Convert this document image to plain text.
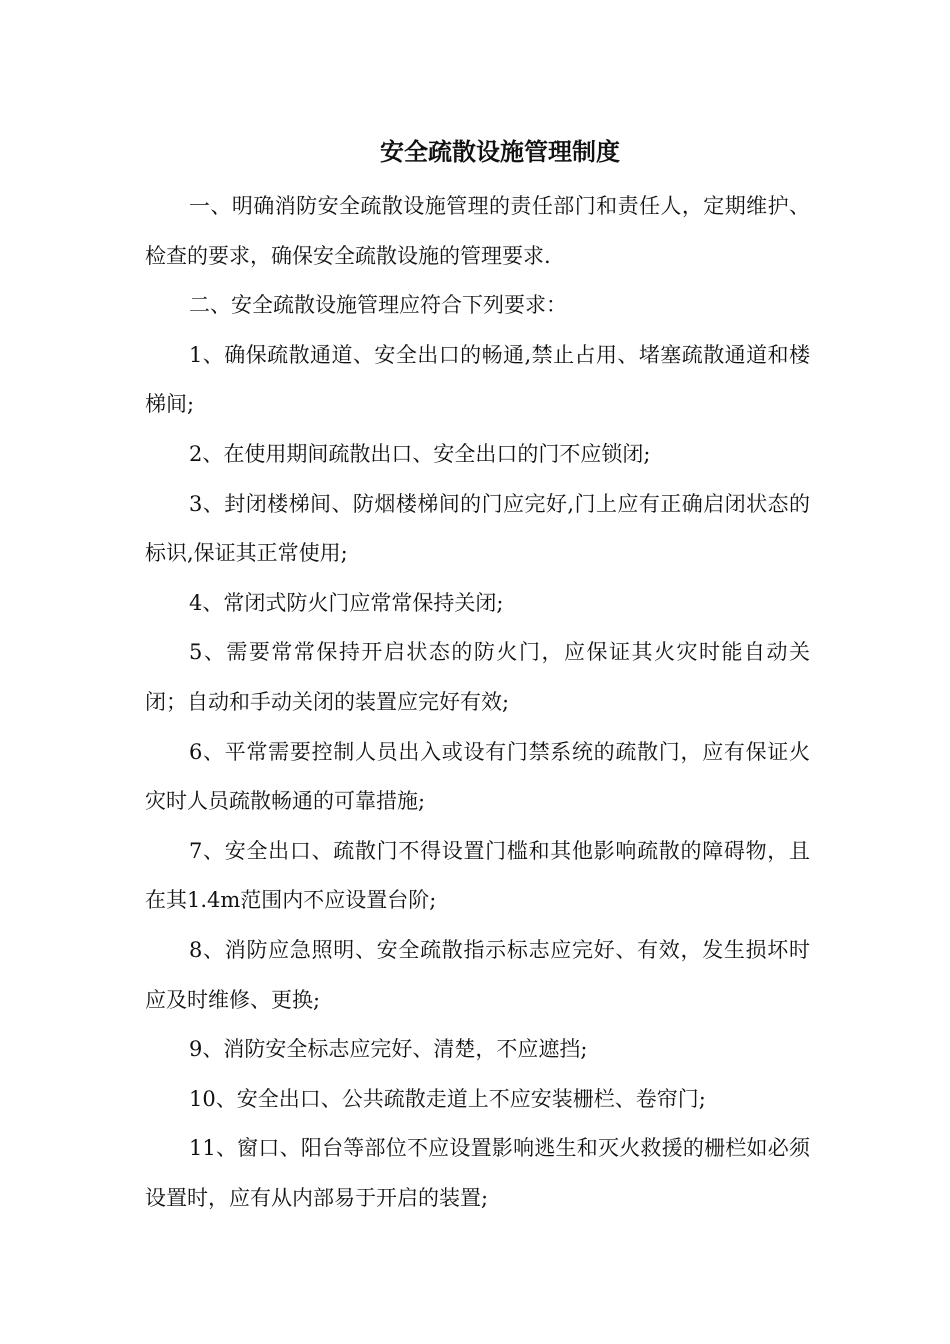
安全疏散设施管理制度

一、明确消防安全疏散设施管理的责任部门和责任人，定期维护、检查的要求，确保安全疏散设施的管理要求.

二、安全疏散设施管理应符合下列要求：

1、确保疏散通道、安全出口的畅通,禁止占用、堵塞疏散通道和楼梯间;

2、在使用期间疏散出口、安全出口的门不应锁闭;

3、封闭楼梯间、防烟楼梯间的门应完好,门上应有正确启闭状态的标识,保证其正常使用;

4、常闭式防火门应常常保持关闭;

5、需要常常保持开启状态的防火门，应保证其火灾时能自动关闭；自动和手动关闭的装置应完好有效;

6、平常需要控制人员出入或设有门禁系统的疏散门，应有保证火灾时人员疏散畅通的可靠措施;

7、安全出口、疏散门不得设置门槛和其他影响疏散的障碍物，且在其1.4m范围内不应设置台阶;

8、消防应急照明、安全疏散指示标志应完好、有效，发生损坏时应及时维修、更换;

9、消防安全标志应完好、清楚，不应遮挡;

10、安全出口、公共疏散走道上不应安装栅栏、卷帘门;

11、窗口、阳台等部位不应设置影响逃生和灭火救援的栅栏如必须设置时，应有从内部易于开启的装置;
